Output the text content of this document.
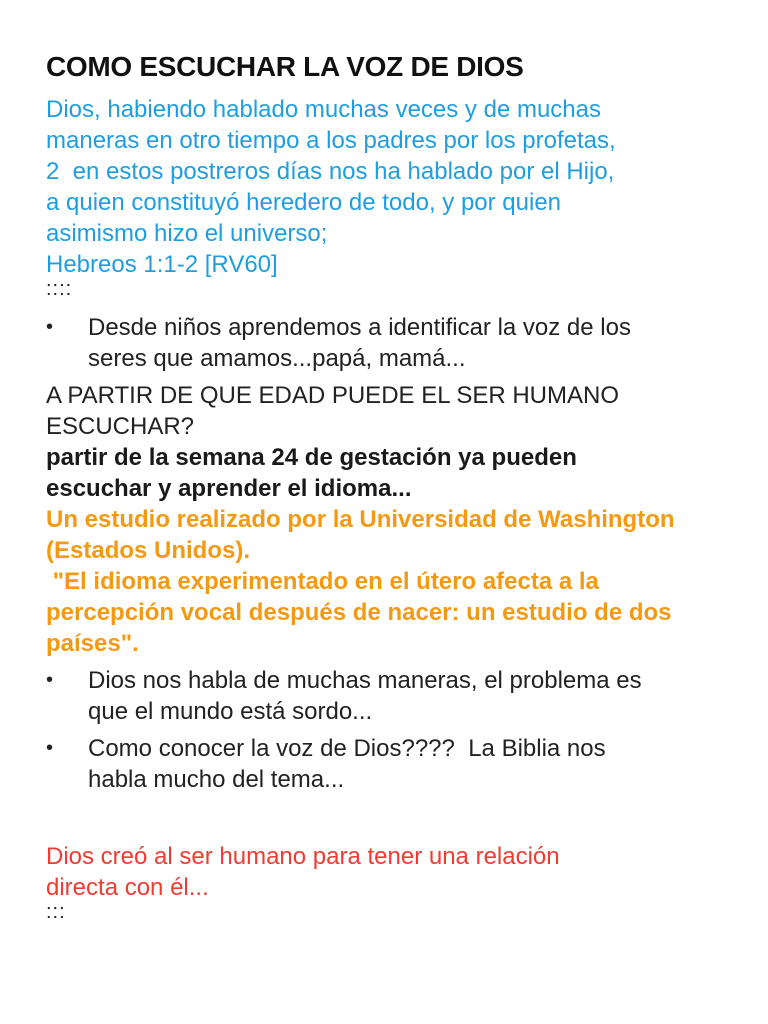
COMO ESCUCHAR LA VOZ DE DIOS

Dios, habiendo hablado muchas veces y de muchas

maneras en otro tiempo a los padres por los profetas,

2  en estos postreros días nos ha hablado por el Hijo,

a quien constituyó heredero de todo, y por quien

asimismo hizo el universo;

Hebreos 1:1-2 [RV60]

::::

•	Desde niños aprendemos a identificar la voz de los

seres que amamos...papá, mamá...

A PARTIR DE QUE EDAD PUEDE EL SER HUMANO

ESCUCHAR?

partir de la semana 24 de gestación ya pueden

escuchar y aprender el idioma...

Un estudio realizado por la Universidad de Washington

(Estados Unidos).

"El idioma experimentado en el útero afecta a la

percepción vocal después de nacer: un estudio de dos

países".

•	Dios nos habla de muchas maneras, el problema es

que el mundo está sordo...

•	Como conocer la voz de Dios????  La Biblia nos

habla mucho del tema...

Dios creó al ser humano para tener una relación

directa con él...

:::
